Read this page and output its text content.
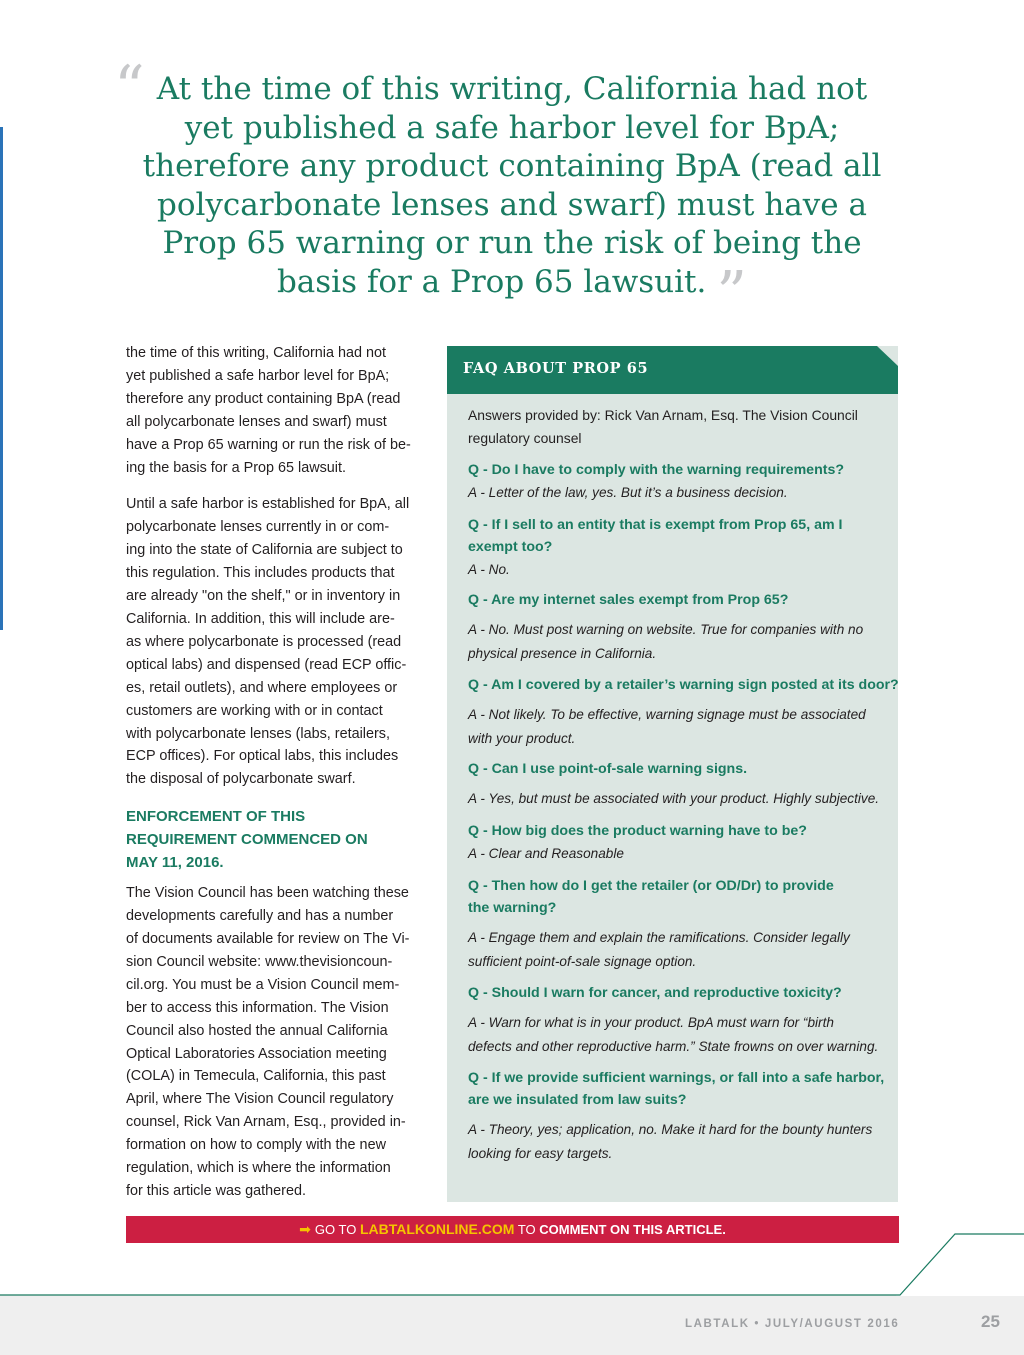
“ At the time of this writing, California had not
yet published a safe harbor level for BpA;
therefore any product containing BpA (read all
polycarbonate lenses and swarf) must have a
Prop 65 warning or run the risk of being the
basis for a Prop 65 lawsuit. ”

the time of this writing, California had not
yet published a safe harbor level for BpA;
therefore any product containing BpA (read
all polycarbonate lenses and swarf) must
have a Prop 65 warning or run the risk of be-
ing the basis for a Prop 65 lawsuit.

Until a safe harbor is established for BpA, all
polycarbonate lenses currently in or com-
ing into the state of California are subject to
this regulation. This includes products that
are already "on the shelf," or in inventory in
California. In addition, this will include are-
as where polycarbonate is processed (read
optical labs) and dispensed (read ECP offic-
es, retail outlets), and where employees or
customers are working with or in contact
with polycarbonate lenses (labs, retailers,
ECP offices). For optical labs, this includes
the disposal of polycarbonate swarf.

ENFORCEMENT OF THIS
REQUIREMENT COMMENCED ON
MAY 11, 2016.

The Vision Council has been watching these
developments carefully and has a number
of documents available for review on The Vi-
sion Council website: www.thevisioncoun-
cil.org. You must be a Vision Council mem-
ber to access this information. The Vision
Council also hosted the annual California
Optical Laboratories Association meeting
(COLA) in Temecula, California, this past
April, where The Vision Council regulatory
counsel, Rick Van Arnam, Esq., provided in-
formation on how to comply with the new
regulation, which is where the information
for this article was gathered.

FAQ ABOUT PROP 65
Answers provided by: Rick Van Arnam, Esq. The Vision Council
regulatory counsel
Q - Do I have to comply with the warning requirements?
A - Letter of the law, yes. But it’s a business decision.
Q - If I sell to an entity that is exempt from Prop 65, am I
exempt too?
A - No.
Q - Are my internet sales exempt from Prop 65?
A - No. Must post warning on website. True for companies with no
physical presence in California.
Q - Am I covered by a retailer’s warning sign posted at its door?
A - Not likely. To be effective, warning signage must be associated
with your product.
Q - Can I use point-of-sale warning signs.
A - Yes, but must be associated with your product. Highly subjective.
Q - How big does the product warning have to be?
A - Clear and Reasonable
Q - Then how do I get the retailer (or OD/Dr) to provide
the warning?
A - Engage them and explain the ramifications. Consider legally
sufficient point-of-sale signage option.
Q - Should I warn for cancer, and reproductive toxicity?
A - Warn for what is in your product. BpA must warn for “birth
defects and other reproductive harm.” State frowns on over warning.
Q - If we provide sufficient warnings, or fall into a safe harbor,
are we insulated from law suits?
A - Theory, yes; application, no. Make it hard for the bounty hunters
looking for easy targets.
➡ GO TO LABTALKONLINE.COM TO COMMENT ON THIS ARTICLE.
LABTALK • JULY/AUGUST 2016	25
